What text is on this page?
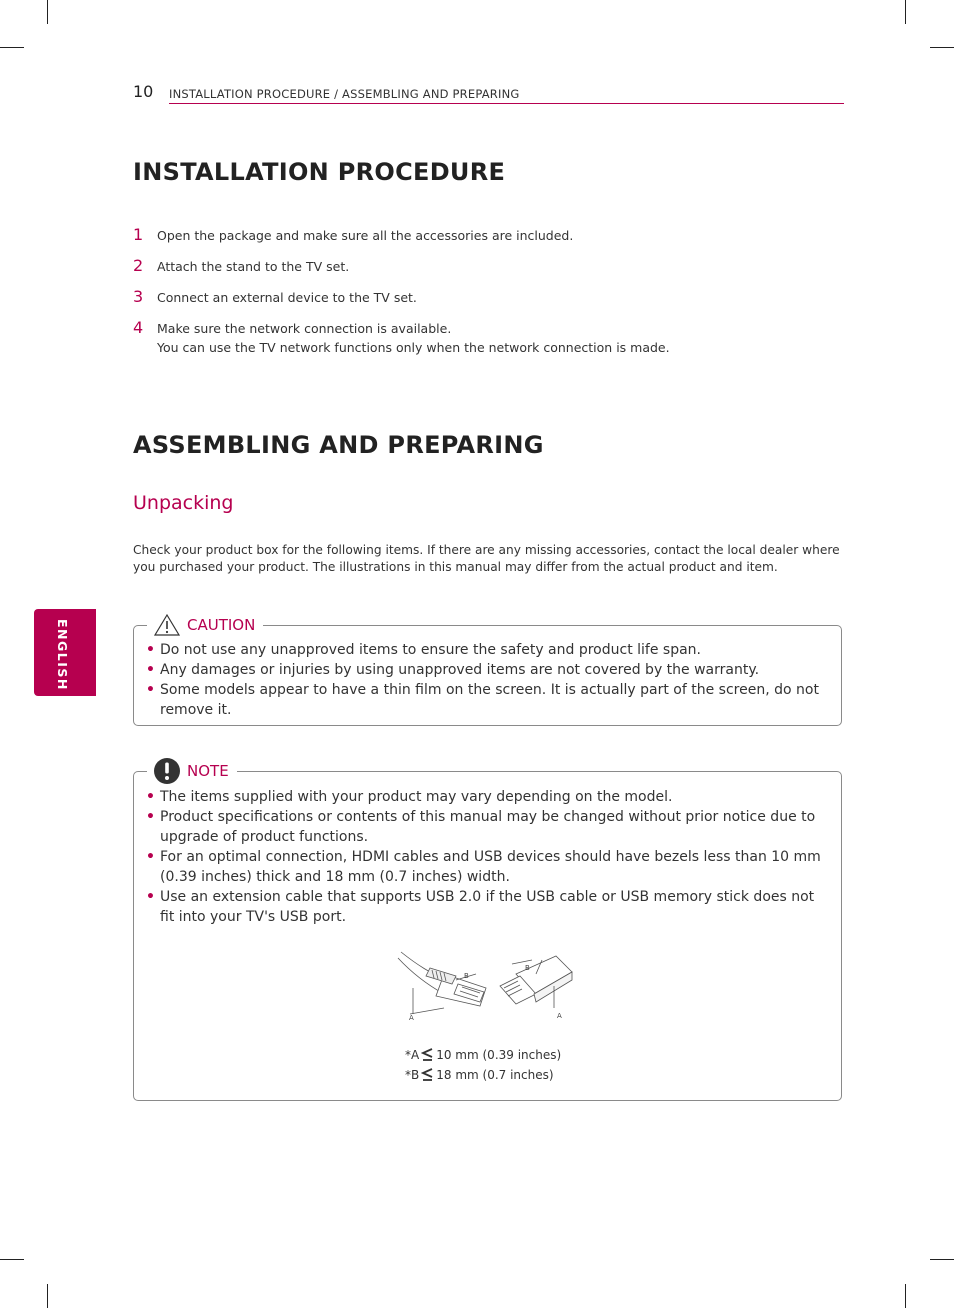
10 INSTALLATION PROCEDURE / ASSEMBLING AND PREPARING
INSTALLATION PROCEDURE
1 Open the package and make sure all the accessories are included.
2 Attach the stand to the TV set.
3 Connect an external device to the TV set.
4 Make sure the network connection is available.
You can use the TV network functions only when the network connection is made.
ASSEMBLING AND PREPARING
Unpacking

Check your product box for the following items. If there are any missing accessories, contact the local dealer where you purchased your product. The illustrations in this manual may differ from the actual product and item.

ENGLISH	CAUTION
• Do not use any unapproved items to ensure the safety and product life span.
• Any damages or injuries by using unapproved items are not covered by the warranty.
• Some models appear to have a thin film on the screen. It is actually part of the screen, do not remove it.
NOTE
• The items supplied with your product may vary depending on the model.
• Product specifications or contents of this manual may be changed without prior notice due to upgrade of product functions.
• For an optimal connection, HDMI cables and USB devices should have bezels less than 10 mm (0.39 inches) thick and 18 mm (0.7 inches) width.
• Use an extension cable that supports USB 2.0 if the USB cable or USB memory stick does not fit into your TV's USB port.
A
B
B
A
*A 10 mm (0.39 inches)
*B 18 mm (0.7 inches)
